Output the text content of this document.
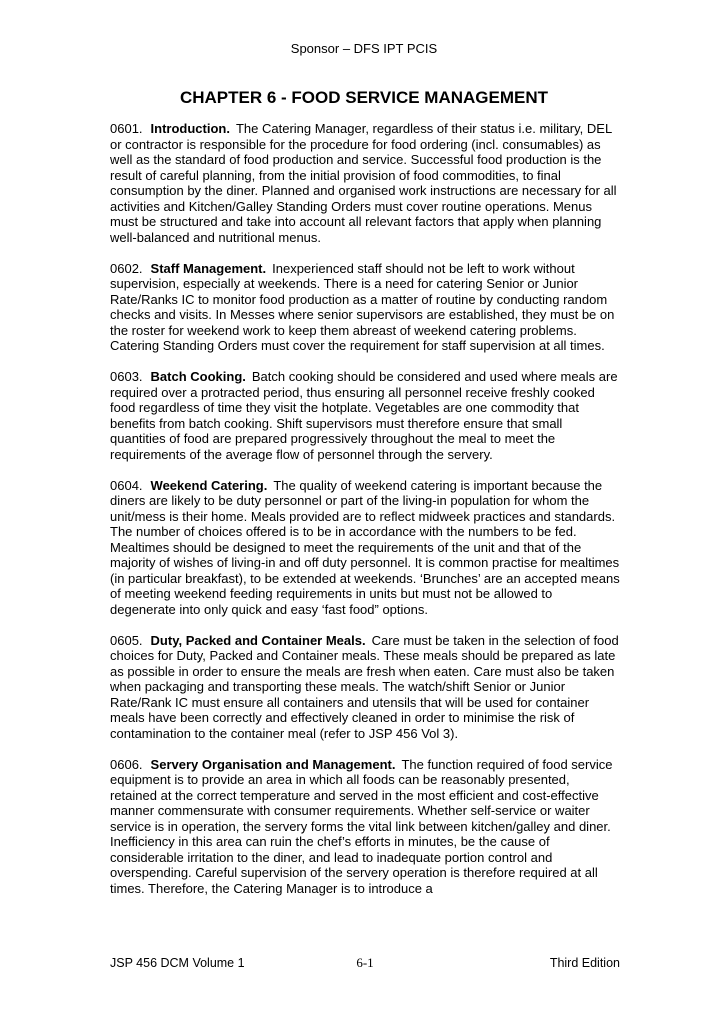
Sponsor – DFS IPT PCIS
CHAPTER 6 - FOOD SERVICE MANAGEMENT

0601. Introduction. The Catering Manager, regardless of their status i.e. military, DEL or contractor is responsible for the procedure for food ordering (incl. consumables) as well as the standard of food production and service. Successful food production is the result of careful planning, from the initial provision of food commodities, to final consumption by the diner. Planned and organised work instructions are necessary for all activities and Kitchen/Galley Standing Orders must cover routine operations. Menus must be structured and take into account all relevant factors that apply when planning well-balanced and nutritional menus.

0602. Staff Management. Inexperienced staff should not be left to work without supervision, especially at weekends. There is a need for catering Senior or Junior Rate/Ranks IC to monitor food production as a matter of routine by conducting random checks and visits. In Messes where senior supervisors are established, they must be on the roster for weekend work to keep them abreast of weekend catering problems. Catering Standing Orders must cover the requirement for staff supervision at all times.

0603. Batch Cooking. Batch cooking should be considered and used where meals are required over a protracted period, thus ensuring all personnel receive freshly cooked food regardless of time they visit the hotplate. Vegetables are one commodity that benefits from batch cooking. Shift supervisors must therefore ensure that small quantities of food are prepared progressively throughout the meal to meet the requirements of the average flow of personnel through the servery.

0604. Weekend Catering. The quality of weekend catering is important because the diners are likely to be duty personnel or part of the living-in population for whom the unit/mess is their home. Meals provided are to reflect midweek practices and standards. The number of choices offered is to be in accordance with the numbers to be fed. Mealtimes should be designed to meet the requirements of the unit and that of the majority of wishes of living-in and off duty personnel. It is common practise for mealtimes (in particular breakfast), to be extended at weekends. ‘Brunches’ are an accepted means of meeting weekend feeding requirements in units but must not be allowed to degenerate into only quick and easy ‘fast food” options.

0605. Duty, Packed and Container Meals. Care must be taken in the selection of food choices for Duty, Packed and Container meals. These meals should be prepared as late as possible in order to ensure the meals are fresh when eaten. Care must also be taken when packaging and transporting these meals. The watch/shift Senior or Junior Rate/Rank IC must ensure all containers and utensils that will be used for container meals have been correctly and effectively cleaned in order to minimise the risk of contamination to the container meal (refer to JSP 456 Vol 3).

0606. Servery Organisation and Management. The function required of food service equipment is to provide an area in which all foods can be reasonably presented, retained at the correct temperature and served in the most efficient and cost-effective manner commensurate with consumer requirements. Whether self-service or waiter service is in operation, the servery forms the vital link between kitchen/galley and diner. Inefficiency in this area can ruin the chef’s efforts in minutes, be the cause of considerable irritation to the diner, and lead to inadequate portion control and overspending. Careful supervision of the servery operation is therefore required at all times. Therefore, the Catering Manager is to introduce a

JSP 456 DCM Volume 1	6-1	Third Edition
